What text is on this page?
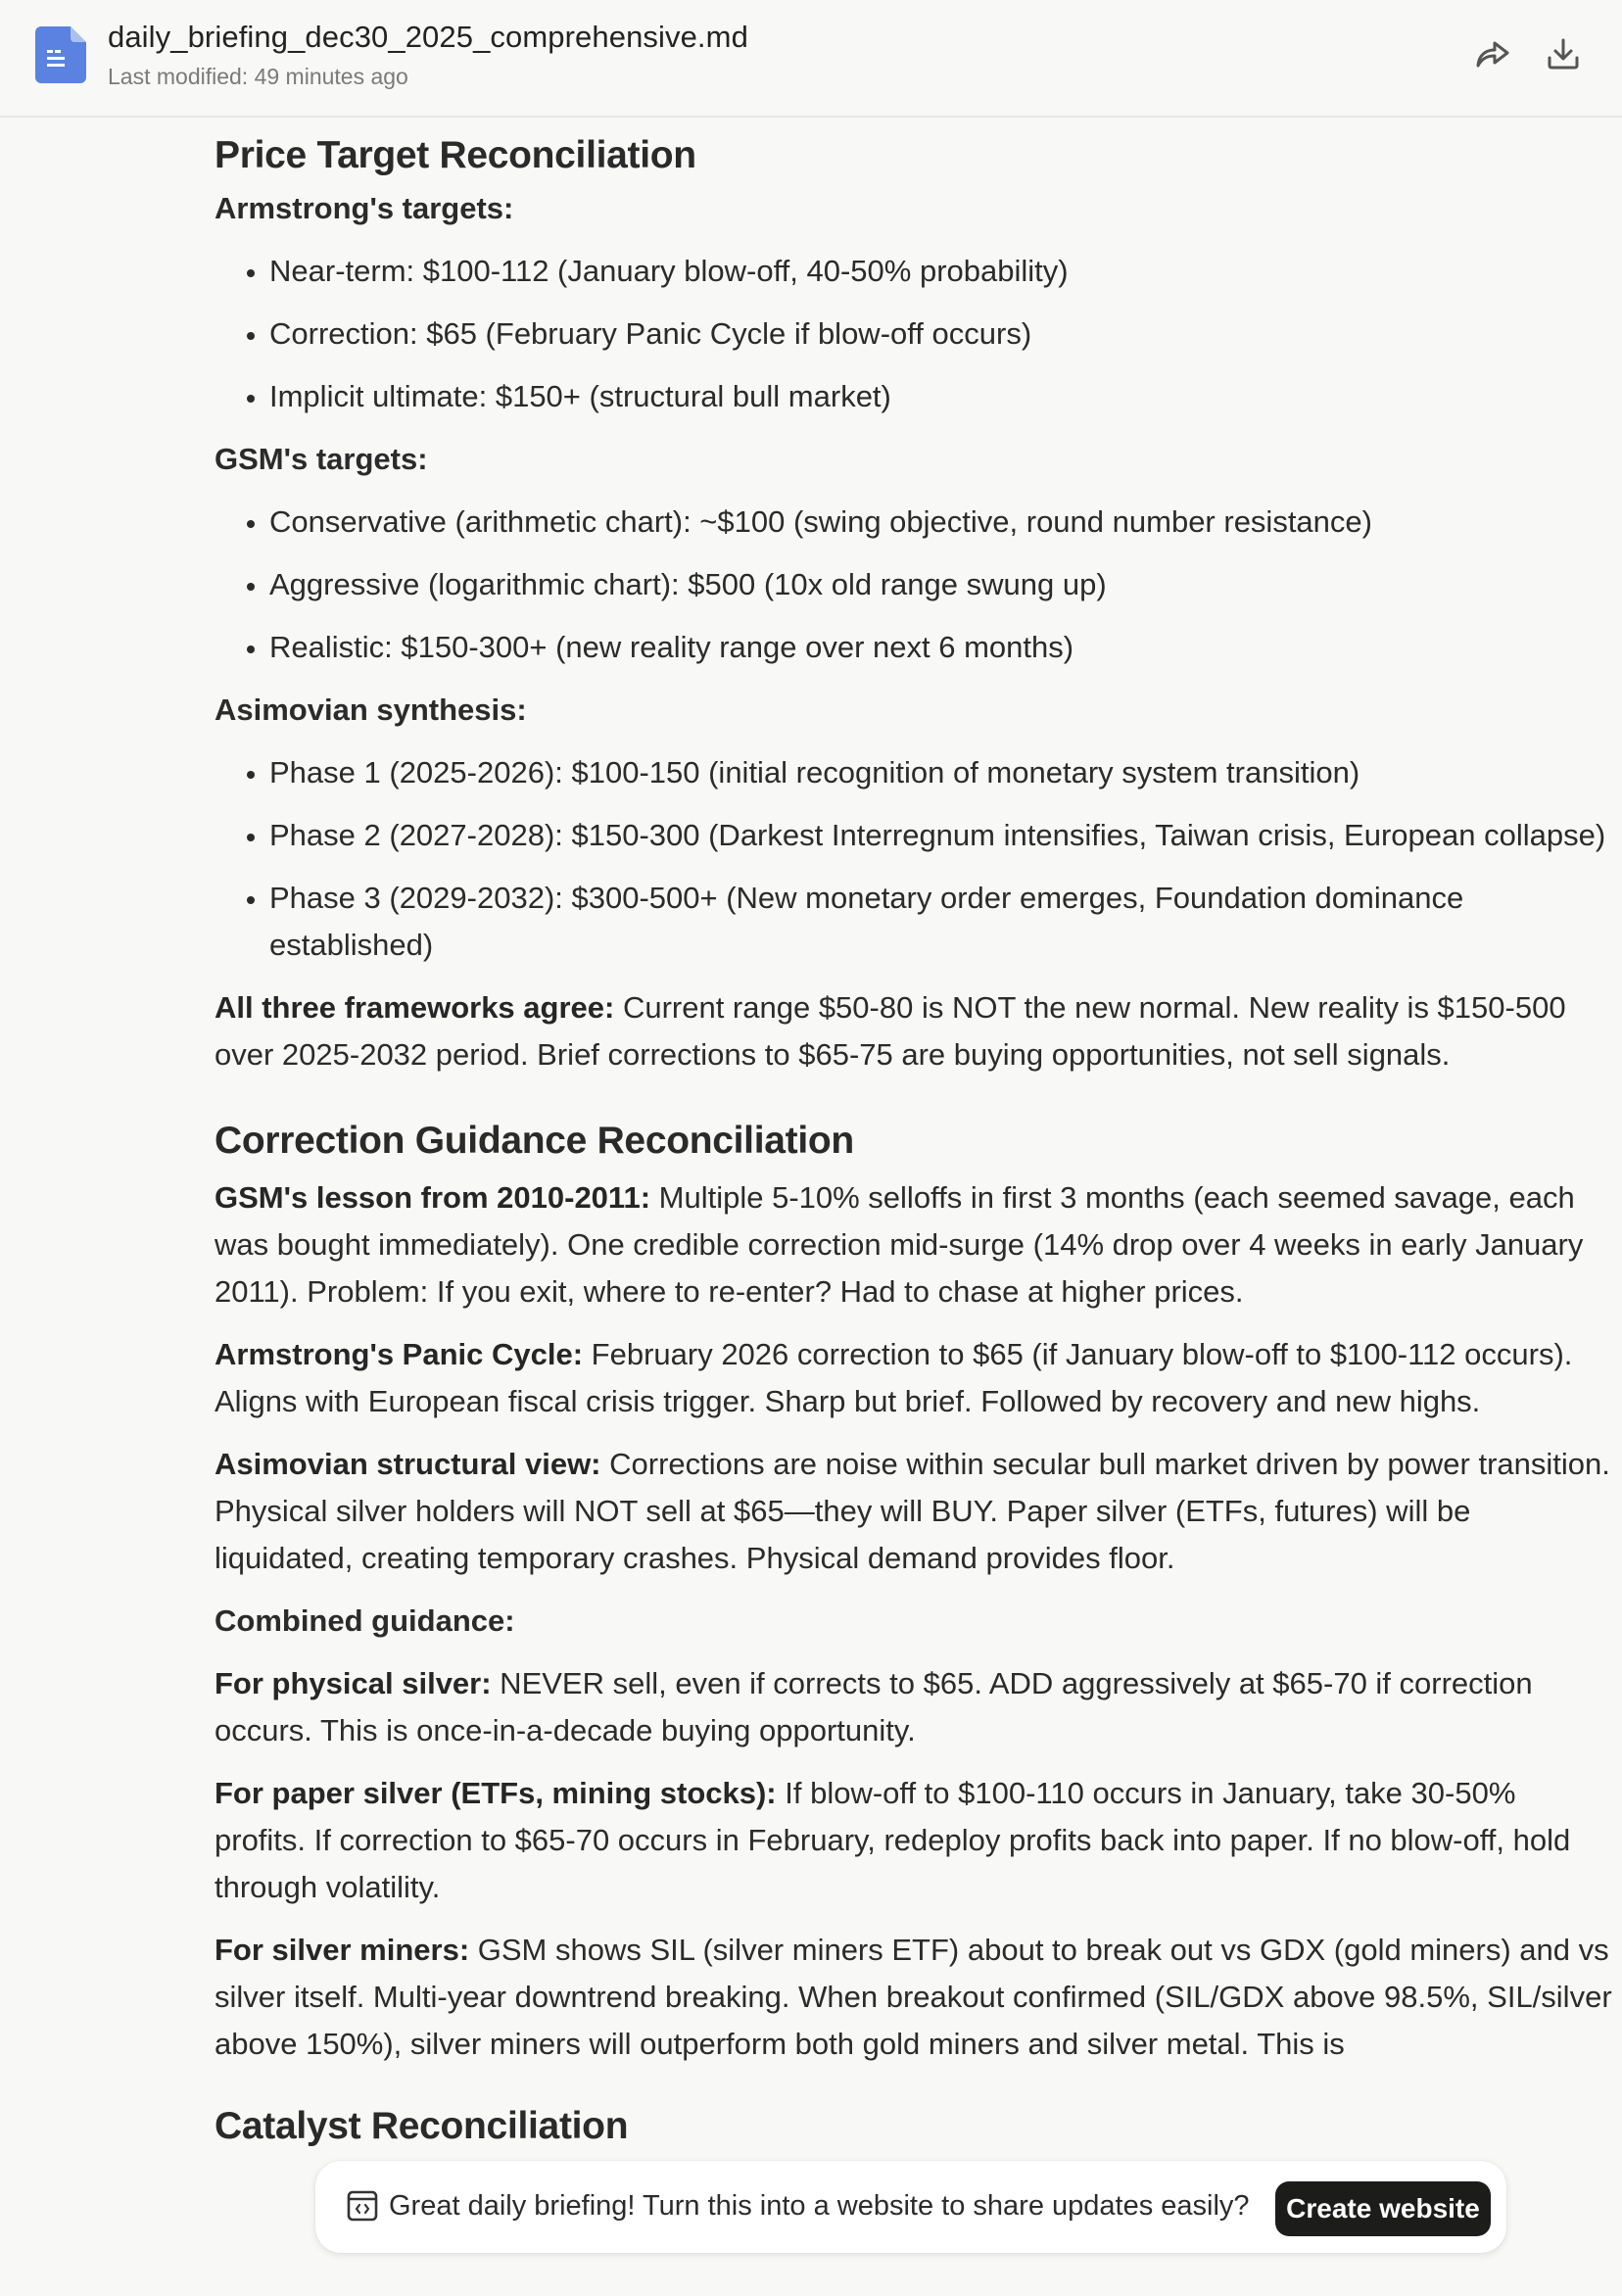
daily_briefing_dec30_2025_comprehensive.md
Last modified: 49 minutes ago
Price Target Reconciliation

Armstrong's targets:

• Near-term: $100-112 (January blow-off, 40-50% probability)
• Correction: $65 (February Panic Cycle if blow-off occurs)
• Implicit ultimate: $150+ (structural bull market)

GSM's targets:

• Conservative (arithmetic chart): ~$100 (swing objective, round number resistance)
• Aggressive (logarithmic chart): $500 (10x old range swung up)
• Realistic: $150-300+ (new reality range over next 6 months)

Asimovian synthesis:

• Phase 1 (2025-2026): $100-150 (initial recognition of monetary system transition)
• Phase 2 (2027-2028): $150-300 (Darkest Interregnum intensifies, Taiwan crisis, European collapse)
• Phase 3 (2029-2032): $300-500+ (New monetary order emerges, Foundation dominance established)

All three frameworks agree: Current range $50-80 is NOT the new normal. New reality is $150-500 over 2025-2032 period. Brief corrections to $65-75 are buying opportunities, not sell signals.

Correction Guidance Reconciliation

GSM's lesson from 2010-2011: Multiple 5-10% selloffs in first 3 months (each seemed savage, each was bought immediately). One credible correction mid-surge (14% drop over 4 weeks in early January 2011). Problem: If you exit, where to re-enter? Had to chase at higher prices.

Armstrong's Panic Cycle: February 2026 correction to $65 (if January blow-off to $100-112 occurs). Aligns with European fiscal crisis trigger. Sharp but brief. Followed by recovery and new highs.

Asimovian structural view: Corrections are noise within secular bull market driven by power transition. Physical silver holders will NOT sell at $65—they will BUY. Paper silver (ETFs, futures) will be liquidated, creating temporary crashes. Physical demand provides floor.

Combined guidance:

For physical silver: NEVER sell, even if corrects to $65. ADD aggressively at $65-70 if correction occurs. This is once-in-a-decade buying opportunity.

For paper silver (ETFs, mining stocks): If blow-off to $100-110 occurs in January, take 30-50% profits. If correction to $65-70 occurs in February, redeploy profits back into paper. If no blow-off, hold through volatility.

For silver miners: GSM shows SIL (silver miners ETF) about to break out vs GDX (gold miners) and vs silver itself. Multi-year downtrend breaking. When breakout confirmed (SIL/GDX above 98.5%, SIL/silver above 150%), silver miners will outperform both gold miners and silver metal. This is

Catalyst Reconciliation
Great daily briefing! Turn this into a website to share updates easily?	Create website
